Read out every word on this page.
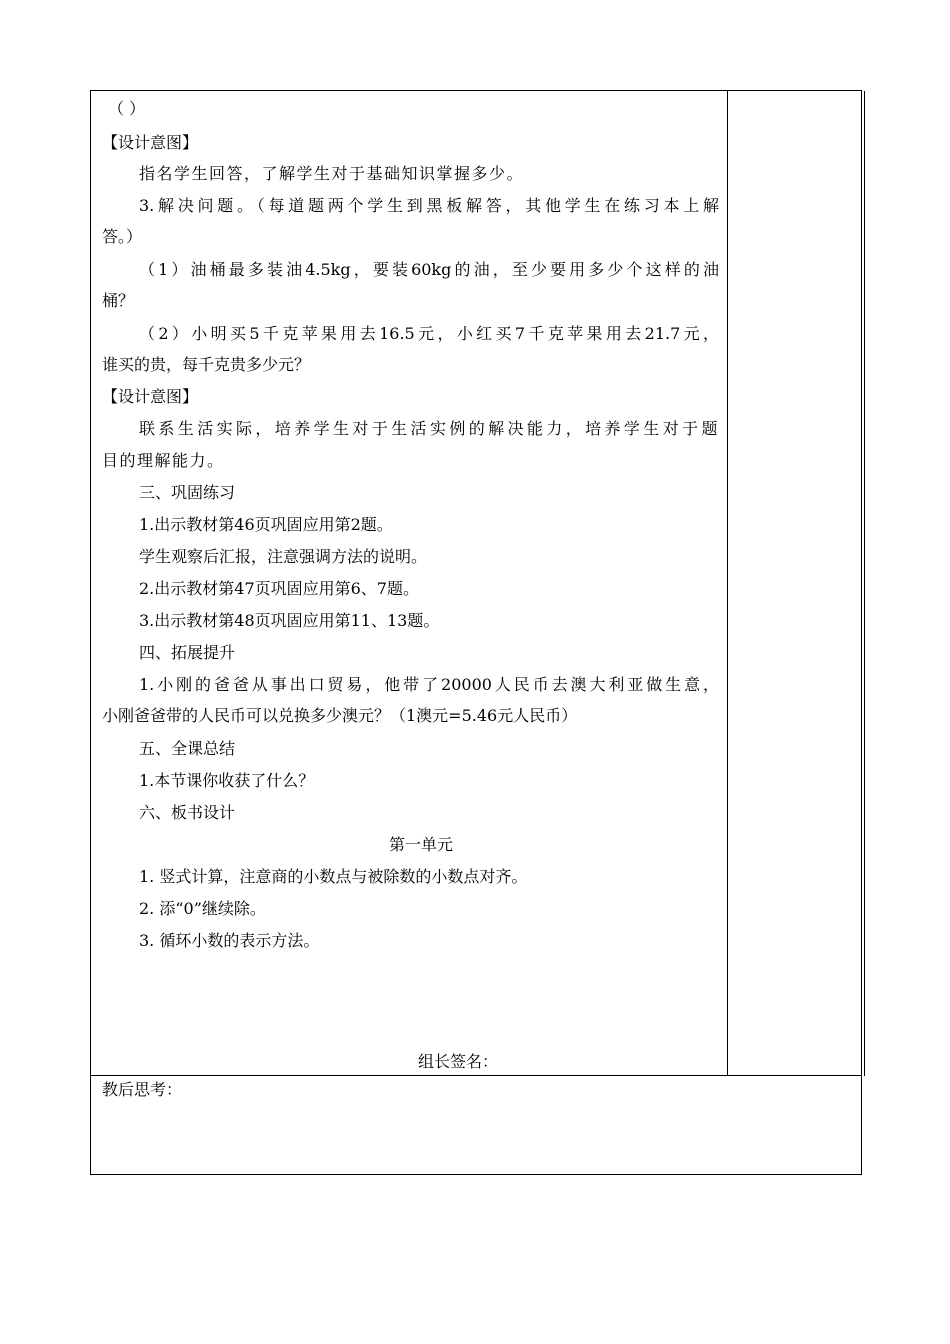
（ ）
【设计意图】
指名学生回答，了解学生对于基础知识掌握多少。
3.解决问题。（每道题两个学生到黑板解答，其他学生在练习本上解
答。）
（1）油桶最多装油4.5kg，要装60kg的油，至少要用多少个这样的油
桶？
（2）小明买5千克苹果用去16.5元，小红买7千克苹果用去21.7元，
谁买的贵，每千克贵多少元？
【设计意图】
联系生活实际，培养学生对于生活实例的解决能力，培养学生对于题
目的理解能力。
三、巩固练习
1.出示教材第46页巩固应用第2题。
学生观察后汇报，注意强调方法的说明。
2.出示教材第47页巩固应用第6、7题。
3.出示教材第48页巩固应用第11、13题。
四、拓展提升
1.小刚的爸爸从事出口贸易，他带了20000人民币去澳大利亚做生意，
小刚爸爸带的人民币可以兑换多少澳元？（1澳元=5.46元人民币）
五、全课总结
1.本节课你收获了什么？
六、板书设计
第一单元
1. 竖式计算，注意商的小数点与被除数的小数点对齐。
2. 添“0”继续除。
3. 循环小数的表示方法。
组长签名：
教后思考：
